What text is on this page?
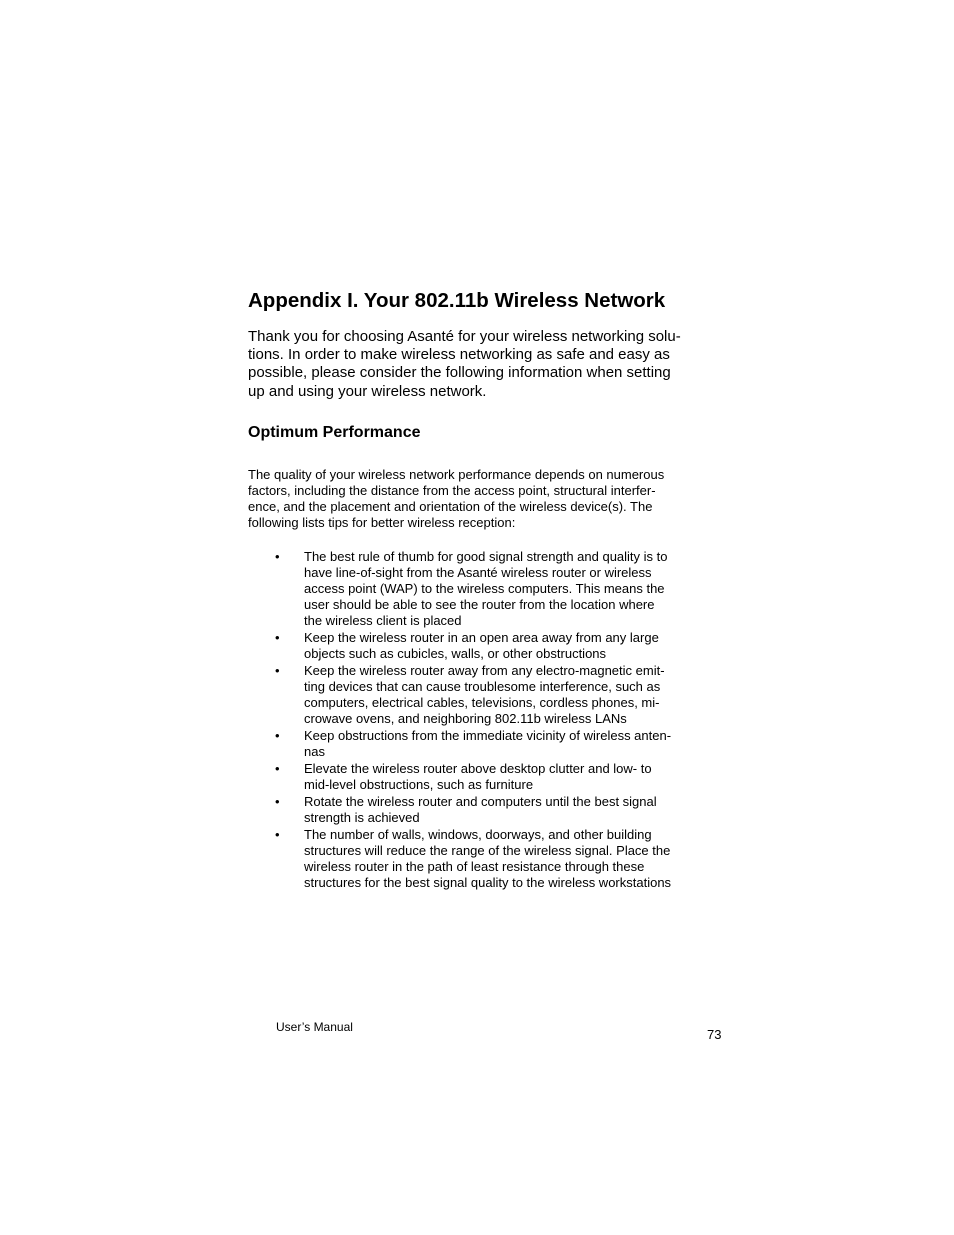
Appendix I. Your 802.11b Wireless Network

Thank you for choosing Asanté for your wireless networking solu-
tions. In order to make wireless networking as safe and easy as
possible, please consider the following information when setting
up and using your wireless network.

Optimum Performance

The quality of your wireless network performance depends on numerous
factors, including the distance from the access point, structural interfer-
ence, and the placement and orientation of the wireless device(s). The
following lists tips for better wireless reception:

• The best rule of thumb for good signal strength and quality is to
have line-of-sight from the Asanté wireless router or wireless
access point (WAP) to the wireless computers. This means the
user should be able to see the router from the location where
the wireless client is placed
• Keep the wireless router in an open area away from any large
objects such as cubicles, walls, or other obstructions
• Keep the wireless router away from any electro-magnetic emit-
ting devices that can cause troublesome interference, such as
computers, electrical cables, televisions, cordless phones, mi-
crowave ovens, and neighboring 802.11b wireless LANs
• Keep obstructions from the immediate vicinity of wireless anten-
nas
• Elevate the wireless router above desktop clutter and low- to
mid-level obstructions, such as furniture
• Rotate the wireless router and computers until the best signal
strength is achieved
• The number of walls, windows, doorways, and other building
structures will reduce the range of the wireless signal. Place the
wireless router in the path of least resistance through these
structures for the best signal quality to the wireless workstations
User’s Manual	73
